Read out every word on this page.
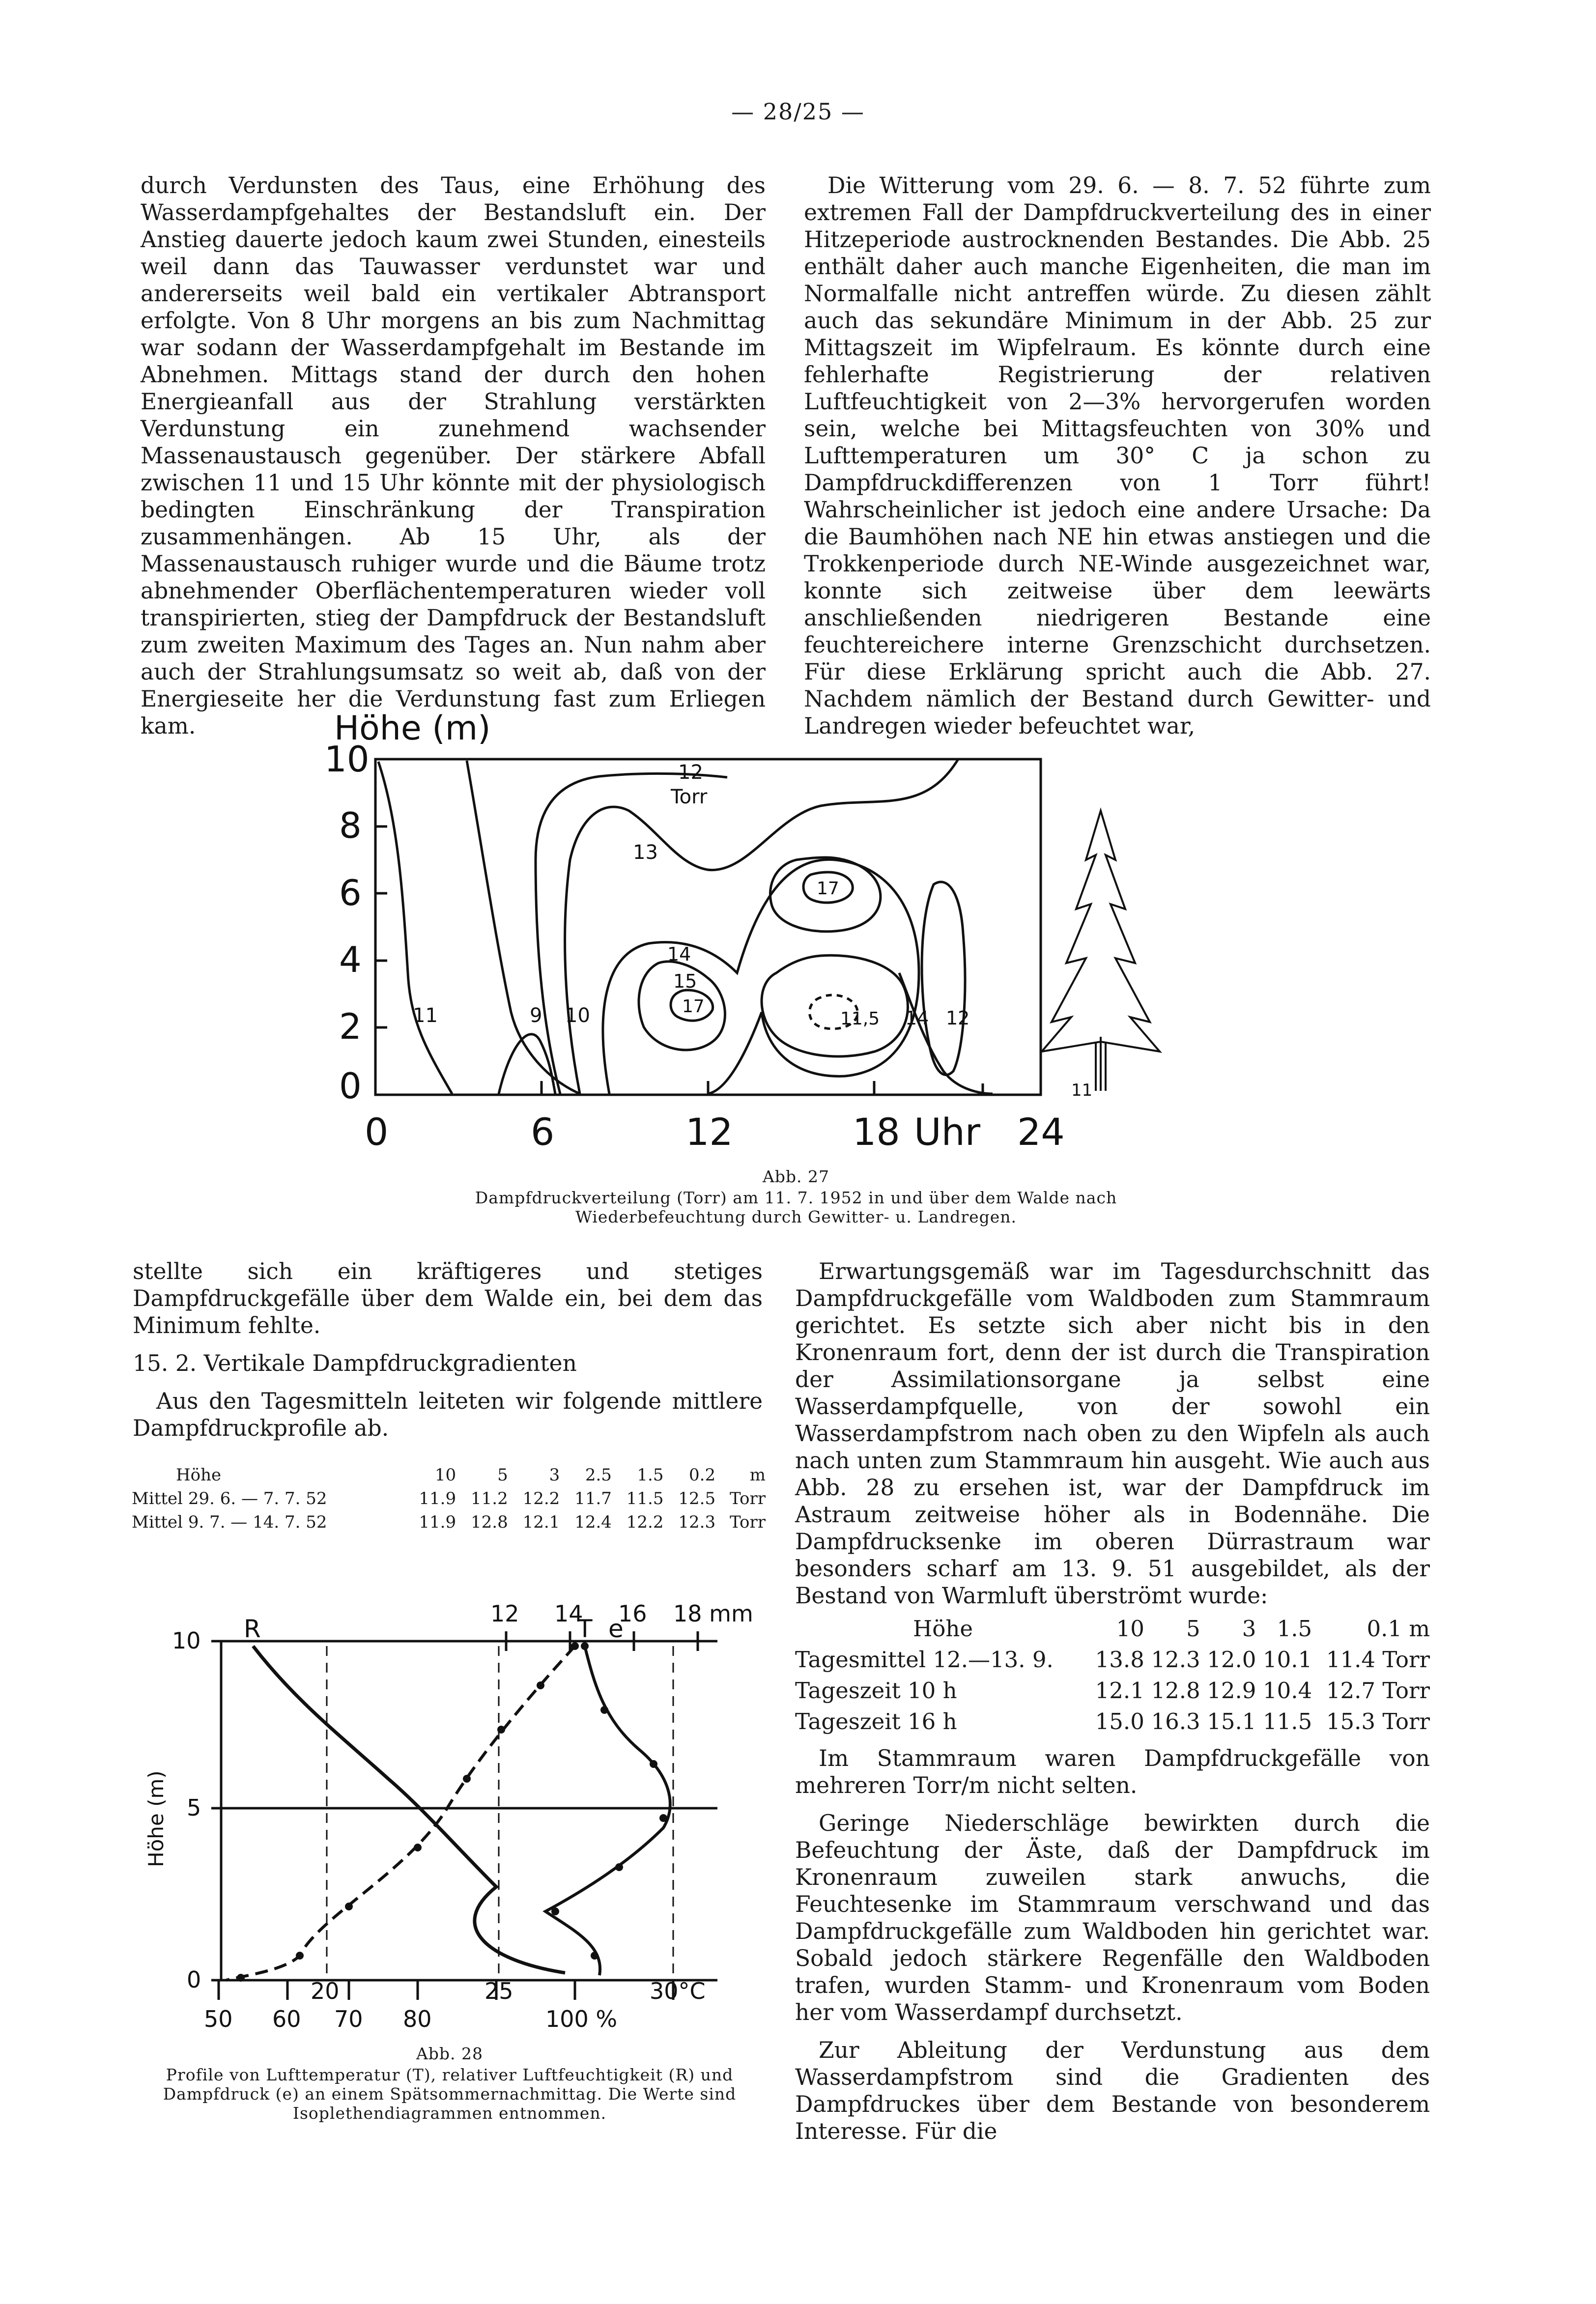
— 28/25 —

durch Verdunsten des Taus, eine Erhöhung des Wasserdampfgehaltes der Bestandsluft ein. Der Anstieg dauerte jedoch kaum zwei Stunden, einesteils weil dann das Tauwasser verdunstet war und andererseits weil bald ein vertikaler Abtransport erfolgte. Von 8 Uhr morgens an bis zum Nachmittag war sodann der Wasserdampfgehalt im Bestande im Abnehmen. Mittags stand der durch den hohen Energieanfall aus der Strahlung verstärkten Verdunstung ein zunehmend wachsender Massenaustausch gegenüber. Der stärkere Abfall zwischen 11 und 15 Uhr könnte mit der physiologisch bedingten Einschränkung der Transpiration zusammenhängen. Ab 15 Uhr, als der Massenaustausch ruhiger wurde und die Bäume trotz abnehmender Oberflächentemperaturen wieder voll transpirierten, stieg der Dampfdruck der Bestandsluft zum zweiten Maximum des Tages an. Nun nahm aber auch der Strahlungsumsatz so weit ab, daß von der Energieseite her die Verdunstung fast zum Erliegen kam.

Die Witterung vom 29. 6. — 8. 7. 52 führte zum extremen Fall der Dampfdruckverteilung des in einer Hitzeperiode austrocknenden Bestandes. Die Abb. 25 enthält daher auch manche Eigenheiten, die man im Normalfalle nicht antreffen würde. Zu diesen zählt auch das sekundäre Minimum in der Abb. 25 zur Mittagszeit im Wipfelraum. Es könnte durch eine fehlerhafte Registrierung der relativen Luftfeuchtigkeit von 2—3% hervorgerufen worden sein, welche bei Mittagsfeuchten von 30% und Lufttemperaturen um 30° C ja schon zu Dampfdruckdifferenzen von 1 Torr führt! Wahrscheinlicher ist jedoch eine andere Ursache: Da die Baumhöhen nach NE hin etwas anstiegen und die Trokkenperiode durch NE-Winde ausgezeichnet war, konnte sich zeitweise über dem leewärts anschließenden niedrigeren Bestande eine feuchtereichere interne Grenzschicht durchsetzen. Für diese Erklärung spricht auch die Abb. 27. Nachdem nämlich der Bestand durch Gewitter- und Landregen wieder befeuchtet war,

Höhe (m)
10
8
6
4
2
0
0	6	12	18 Uhr 24
12
Torr
13
17
14
15
17
11,5 14 12
11
9 10
11
Abb. 27
Dampfdruckverteilung (Torr) am 11. 7. 1952 in und über dem Walde nach Wiederbefeuchtung durch Gewitter- u. Landregen.

stellte sich ein kräftigeres und stetiges Dampfdruckgefälle über dem Walde ein, bei dem das Minimum fehlte.

15. 2. Vertikale Dampfdruckgradienten

Aus den Tagesmitteln leiteten wir folgende mittlere Dampfdruckprofile ab.

Höhe	10	5	3	2.5	1.5	0.2	m
Mittel 29. 6. — 7. 7. 52	11.9	11.2	12.2	11.7	11.5	12.5	Torr
Mittel 9. 7. — 14. 7. 52	11.9	12.8	12.1	12.4	12.2	12.3	Torr
12 14 16 18 mm
R	T e
Höhe (m)
10
5
0	20	25	30°C
50 60 70 80	100 %
Abb. 28
Profile von Lufttemperatur (T), relativer Luftfeuchtigkeit (R) und Dampfdruck (e) an einem Spätsommernachmittag. Die Werte sind Isoplethendiagrammen entnommen.

Erwartungsgemäß war im Tagesdurchschnitt das Dampfdruckgefälle vom Waldboden zum Stammraum gerichtet. Es setzte sich aber nicht bis in den Kronenraum fort, denn der ist durch die Transpiration der Assimilationsorgane ja selbst eine Wasserdampfquelle, von der sowohl ein Wasserdampfstrom nach oben zu den Wipfeln als auch nach unten zum Stammraum hin ausgeht. Wie auch aus Abb. 28 zu ersehen ist, war der Dampfdruck im Astraum zeitweise höher als in Bodennähe. Die Dampfdrucksenke im oberen Dürrastraum war besonders scharf am 13. 9. 51 ausgebildet, als der Bestand von Warmluft überströmt wurde:

Höhe	10	5	3	1.5	0.1 m
Tagesmittel 12.—13. 9.	13.8	12.3	12.0	10.1	11.4 Torr
Tageszeit 10 h	12.1	12.8	12.9	10.4	12.7 Torr
Tageszeit 16 h	15.0	16.3	15.1	11.5	15.3 Torr

Im Stammraum waren Dampfdruckgefälle von mehreren Torr/m nicht selten.

Geringe Niederschläge bewirkten durch die Befeuchtung der Äste, daß der Dampfdruck im Kronenraum zuweilen stark anwuchs, die Feuchtesenke im Stammraum verschwand und das Dampfdruckgefälle zum Waldboden hin gerichtet war. Sobald jedoch stärkere Regenfälle den Waldboden trafen, wurden Stamm- und Kronenraum vom Boden her vom Wasserdampf durchsetzt.

Zur Ableitung der Verdunstung aus dem Wasserdampfstrom sind die Gradienten des Dampfdruckes über dem Bestande von besonderem Interesse. Für die
